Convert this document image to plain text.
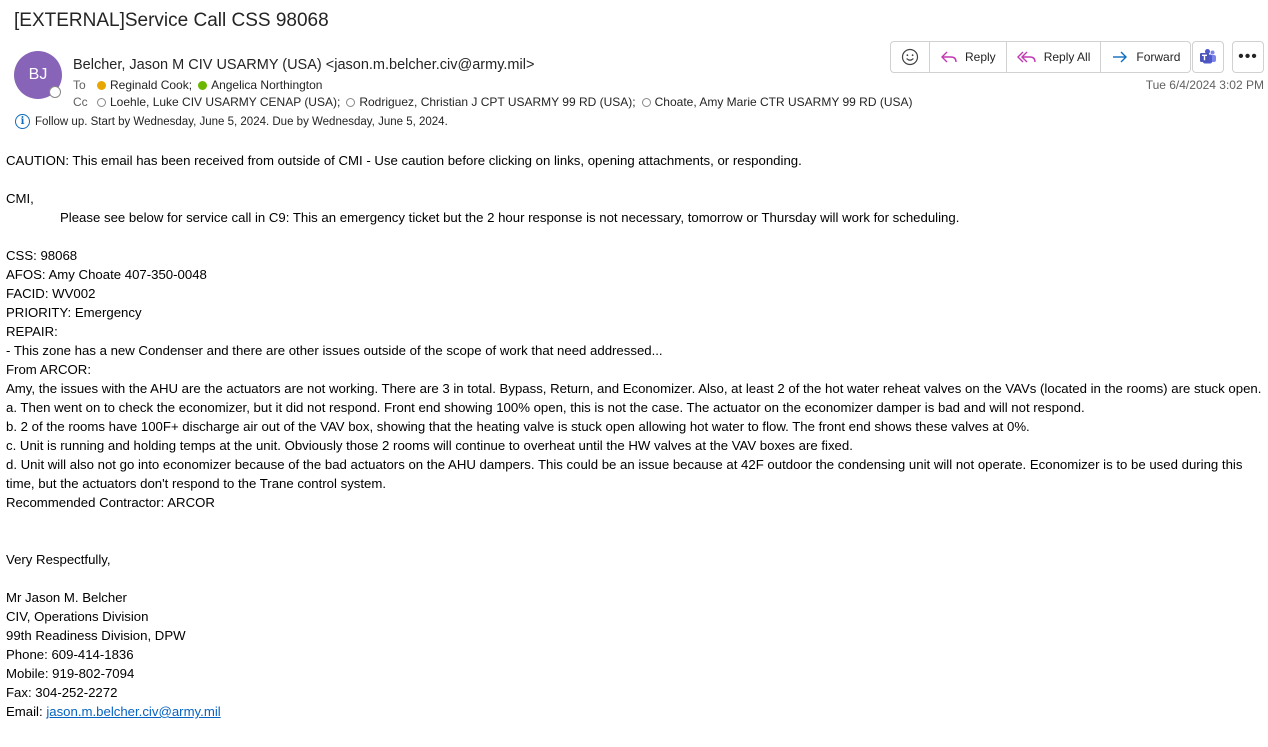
[EXTERNAL]Service Call CSS 98068
BJ
Belcher, Jason M CIV USARMY (USA) <jason.m.belcher.civ@army.mil>
To	Reginald Cook; Angelica Northington
Cc	Loehle, Luke CIV USARMY CENAP (USA); Rodriguez, Christian J CPT USARMY 99 RD (USA); Choate, Amy Marie CTR USARMY 99 RD (USA)
i Follow up. Start by Wednesday, June 5, 2024. Due by Wednesday, June 5, 2024.
Reply	Reply All	Forward	•••
Tue 6/4/2024 3:02 PM

CAUTION: This email has been received from outside of CMI - Use caution before clicking on links, opening attachments, or responding.

CMI,

Please see below for service call in C9: This an emergency ticket but the 2 hour response is not necessary, tomorrow or Thursday will work for scheduling.

CSS: 98068

AFOS: Amy Choate 407-350-0048

FACID: WV002

PRIORITY: Emergency

REPAIR:

- This zone has a new Condenser and there are other issues outside of the scope of work that need addressed...

From ARCOR:

Amy, the issues with the AHU are the actuators are not working. There are 3 in total. Bypass, Return, and Economizer. Also, at least 2 of the hot water reheat valves on the VAVs (located in the rooms) are stuck open.

a. Then went on to check the economizer, but it did not respond. Front end showing 100% open, this is not the case. The actuator on the economizer damper is bad and will not respond.

b. 2 of the rooms have 100F+ discharge air out of the VAV box, showing that the heating valve is stuck open allowing hot water to flow. The front end shows these valves at 0%.

c. Unit is running and holding temps at the unit. Obviously those 2 rooms will continue to overheat until the HW valves at the VAV boxes are fixed.

d. Unit will also not go into economizer because of the bad actuators on the AHU dampers. This could be an issue because at 42F outdoor the condensing unit will not operate. Economizer is to be used during this time, but the actuators don't respond to the Trane control system.

Recommended Contractor: ARCOR

Very Respectfully,

Mr Jason M. Belcher

CIV, Operations Division

99th Readiness Division, DPW

Phone: 609-414-1836

Mobile: 919-802-7094

Fax: 304-252-2272

Email: jason.m.belcher.civ@army.mil
